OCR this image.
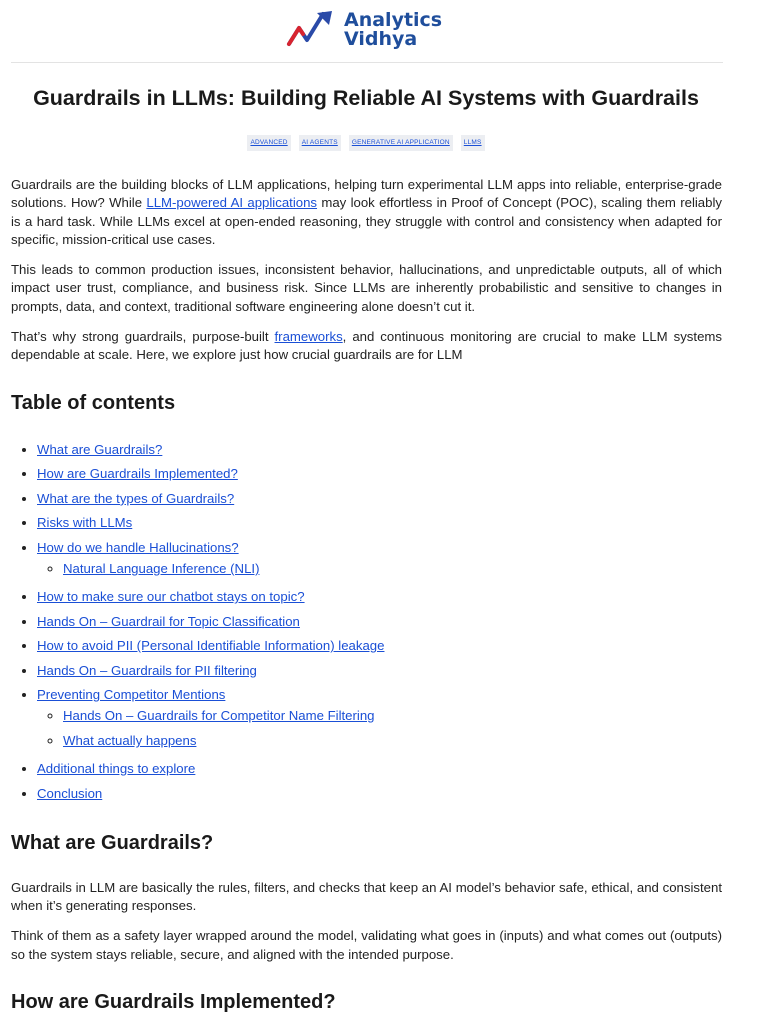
Analytics
Vidhya
Guardrails in LLMs: Building Reliable AI Systems with Guardrails
ADVANCED	AI AGENTS	GENERATIVE AI APPLICATION	LLMS

Guardrails are the building blocks of LLM applications, helping turn experimental LLM apps into reliable, enterprise-grade solutions. How? While LLM-powered AI applications may look effortless in Proof of Concept (POC), scaling them reliably is a hard task. While LLMs excel at open-ended reasoning, they struggle with control and consistency when adapted for specific, mission-critical use cases.

This leads to common production issues, inconsistent behavior, hallucinations, and unpredictable outputs, all of which impact user trust, compliance, and business risk. Since LLMs are inherently probabilistic and sensitive to changes in prompts, data, and context, traditional software engineering alone doesn’t cut it.

That’s why strong guardrails, purpose-built frameworks, and continuous monitoring are crucial to make LLM systems dependable at scale. Here, we explore just how crucial guardrails are for LLM

Table of contents
• What are Guardrails?
• How are Guardrails Implemented?
• What are the types of Guardrails?
• Risks with LLMs
• How do we handle Hallucinations?
◦ Natural Language Inference (NLI)
• How to make sure our chatbot stays on topic?
• Hands On – Guardrail for Topic Classification
• How to avoid PII (Personal Identifiable Information) leakage
• Hands On – Guardrails for PII filtering
• Preventing Competitor Mentions
◦ Hands On – Guardrails for Competitor Name Filtering
◦ What actually happens
• Additional things to explore
• Conclusion
What are Guardrails?

Guardrails in LLM are basically the rules, filters, and checks that keep an AI model’s behavior safe, ethical, and consistent when it’s generating responses.

Think of them as a safety layer wrapped around the model, validating what goes in (inputs) and what comes out (outputs) so the system stays reliable, secure, and aligned with the intended purpose.

How are Guardrails Implemented?
